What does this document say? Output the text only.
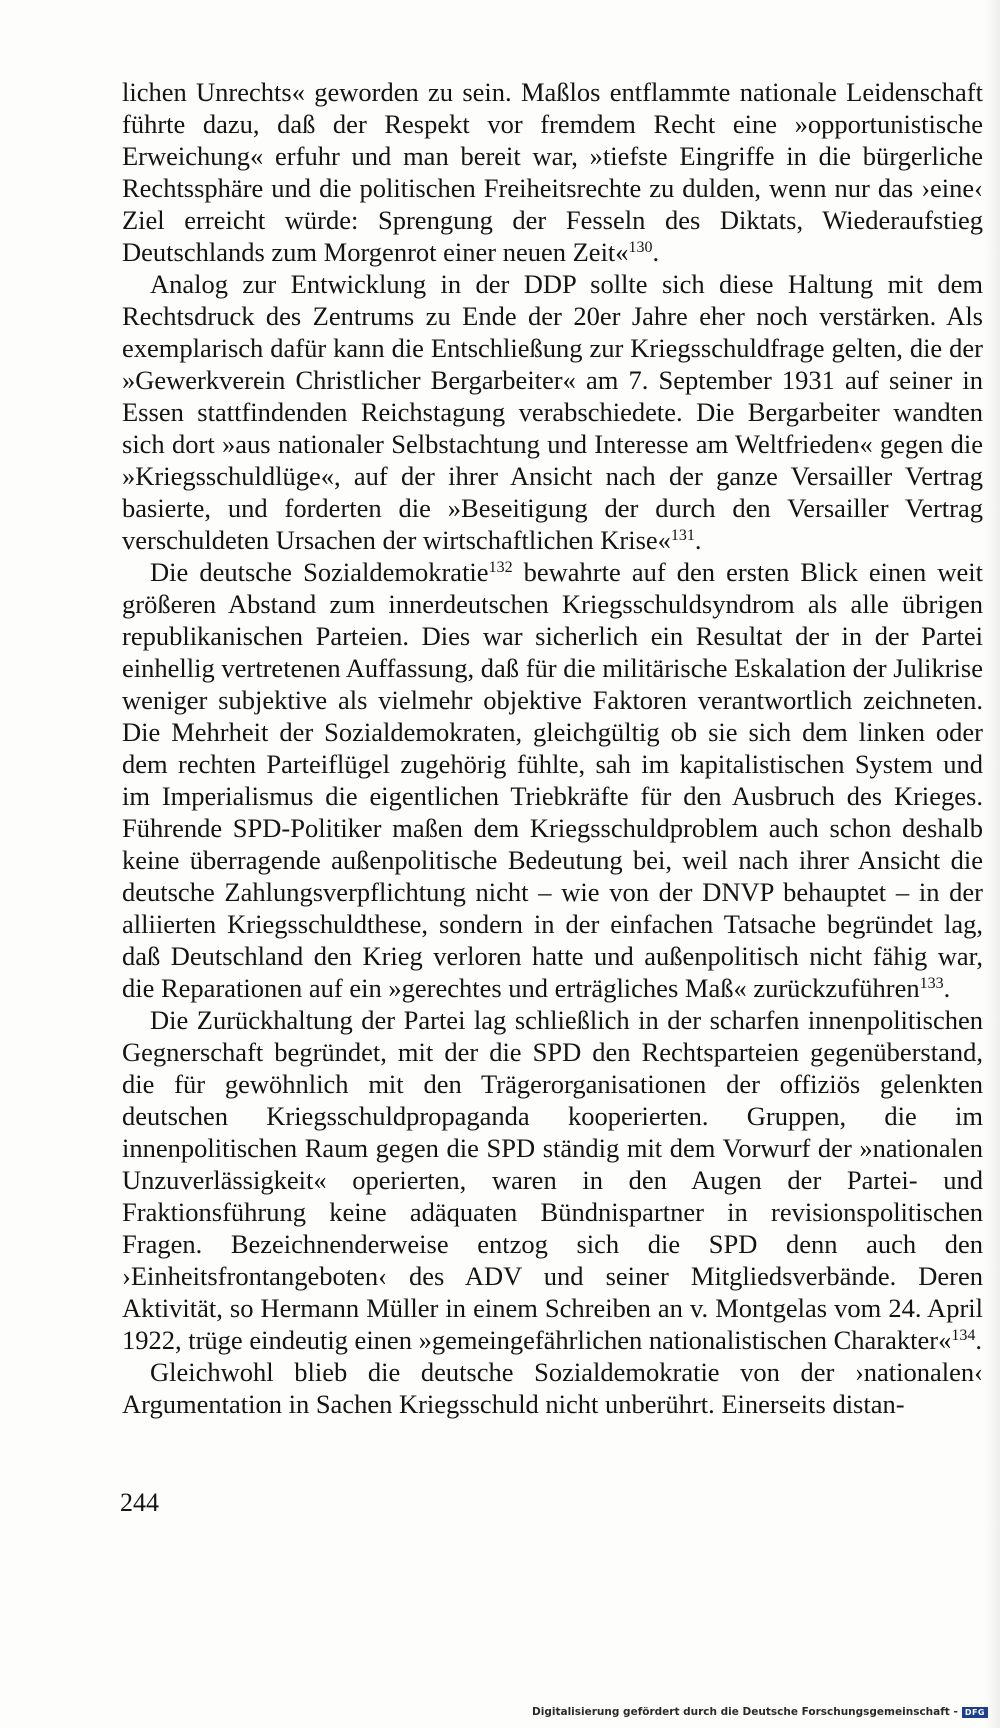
lichen Unrechts« geworden zu sein. Maßlos entflammte nationale Leidenschaft führte dazu, daß der Respekt vor fremdem Recht eine »opportunistische Erweichung« erfuhr und man bereit war, »tiefste Eingriffe in die bürgerliche Rechtssphäre und die politischen Freiheitsrechte zu dulden, wenn nur das ›eine‹ Ziel erreicht würde: Sprengung der Fesseln des Diktats, Wiederaufstieg Deutschlands zum Morgenrot einer neuen Zeit«$^{130}$.

Analog zur Entwicklung in der DDP sollte sich diese Haltung mit dem Rechtsdruck des Zentrums zu Ende der 20er Jahre eher noch verstärken. Als exemplarisch dafür kann die Entschließung zur Kriegsschuldfrage gelten, die der »Gewerkverein Christlicher Bergarbeiter« am 7. September 1931 auf seiner in Essen stattfindenden Reichstagung verabschiedete. Die Bergarbeiter wandten sich dort »aus nationaler Selbstachtung und Interesse am Weltfrieden« gegen die »Kriegsschuldlüge«, auf der ihrer Ansicht nach der ganze Versailler Vertrag basierte, und forderten die »Beseitigung der durch den Versailler Vertrag verschuldeten Ursachen der wirtschaftlichen Krise«$^{131}$.

Die deutsche Sozialdemokratie$^{132}$ bewahrte auf den ersten Blick einen weit größeren Abstand zum innerdeutschen Kriegsschuldsyndrom als alle übrigen republikanischen Parteien. Dies war sicherlich ein Resultat der in der Partei einhellig vertretenen Auffassung, daß für die militärische Eskalation der Julikrise weniger subjektive als vielmehr objektive Faktoren verantwortlich zeichneten. Die Mehrheit der Sozialdemokraten, gleichgültig ob sie sich dem linken oder dem rechten Parteiflügel zugehörig fühlte, sah im kapitalistischen System und im Imperialismus die eigentlichen Triebkräfte für den Ausbruch des Krieges. Führende SPD-Politiker maßen dem Kriegsschuldproblem auch schon deshalb keine überragende außenpolitische Bedeutung bei, weil nach ihrer Ansicht die deutsche Zahlungsverpflichtung nicht – wie von der DNVP behauptet – in der alliierten Kriegsschuldthese, sondern in der einfachen Tatsache begründet lag, daß Deutschland den Krieg verloren hatte und außenpolitisch nicht fähig war, die Reparationen auf ein »gerechtes und erträgliches Maß« zurückzuführen$^{133}$.

Die Zurückhaltung der Partei lag schließlich in der scharfen innenpolitischen Gegnerschaft begründet, mit der die SPD den Rechtsparteien gegenüberstand, die für gewöhnlich mit den Trägerorganisationen der offiziös gelenkten deutschen Kriegsschuldpropaganda kooperierten. Gruppen, die im innenpolitischen Raum gegen die SPD ständig mit dem Vorwurf der »nationalen Unzuverlässigkeit« operierten, waren in den Augen der Partei- und Fraktionsführung keine adäquaten Bündnispartner in revisionspolitischen Fragen. Bezeichnenderweise entzog sich die SPD denn auch den ›Einheitsfrontangeboten‹ des ADV und seiner Mitgliedsverbände. Deren Aktivität, so Hermann Müller in einem Schreiben an v. Montgelas vom 24. April 1922, trüge eindeutig einen »gemeingefährlichen nationalistischen Charakter«$^{134}$.

Gleichwohl blieb die deutsche Sozialdemokratie von der ›nationalen‹ Argumentation in Sachen Kriegsschuld nicht unberührt. Einerseits distan-

244
Digitalisierung gefördert durch die Deutsche Forschungsgemeinschaft - DFG
